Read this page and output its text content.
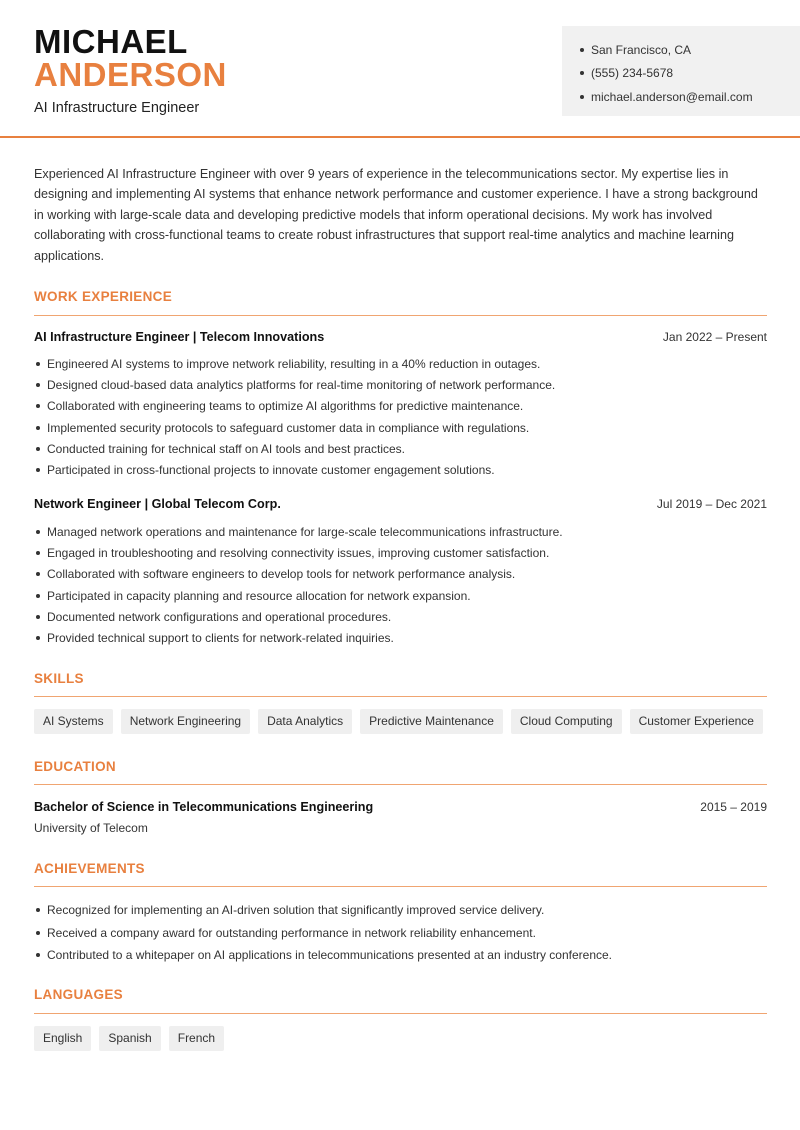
MICHAEL
ANDERSON
AI Infrastructure Engineer
San Francisco, CA
(555) 234-5678
michael.anderson@email.com

Experienced AI Infrastructure Engineer with over 9 years of experience in the telecommunications sector. My expertise lies in designing and implementing AI systems that enhance network performance and customer experience. I have a strong background in working with large-scale data and developing predictive models that inform operational decisions. My work has involved collaborating with cross-functional teams to create robust infrastructures that support real-time analytics and machine learning applications.

WORK EXPERIENCE
AI Infrastructure Engineer | Telecom Innovations	Jan 2022 – Present
Engineered AI systems to improve network reliability, resulting in a 40% reduction in outages.
Designed cloud-based data analytics platforms for real-time monitoring of network performance.
Collaborated with engineering teams to optimize AI algorithms for predictive maintenance.
Implemented security protocols to safeguard customer data in compliance with regulations.
Conducted training for technical staff on AI tools and best practices.
Participated in cross-functional projects to innovate customer engagement solutions.
Network Engineer | Global Telecom Corp.	Jul 2019 – Dec 2021
Managed network operations and maintenance for large-scale telecommunications infrastructure.
Engaged in troubleshooting and resolving connectivity issues, improving customer satisfaction.
Collaborated with software engineers to develop tools for network performance analysis.
Participated in capacity planning and resource allocation for network expansion.
Documented network configurations and operational procedures.
Provided technical support to clients for network-related inquiries.
SKILLS
AI Systems	Network Engineering	Data Analytics	Predictive Maintenance	Cloud Computing	Customer Experience
EDUCATION
Bachelor of Science in Telecommunications Engineering	2015 – 2019
University of Telecom
ACHIEVEMENTS
Recognized for implementing an AI-driven solution that significantly improved service delivery.
Received a company award for outstanding performance in network reliability enhancement.
Contributed to a whitepaper on AI applications in telecommunications presented at an industry conference.
LANGUAGES
English	Spanish	French
